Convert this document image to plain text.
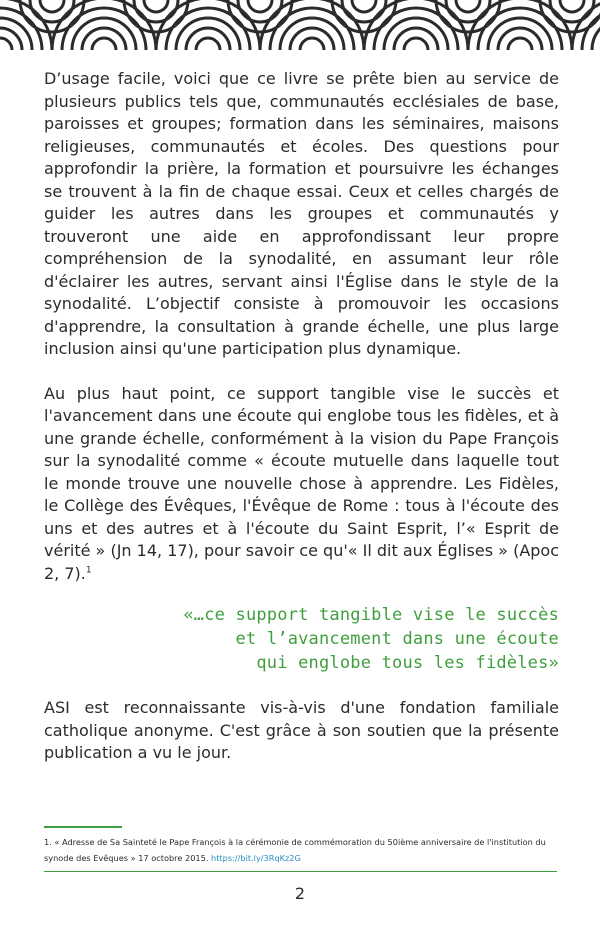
D’usage facile, voici que ce livre se prête bien au service de plusieurs publics tels que, communautés ecclésiales de base, paroisses et groupes; formation dans les séminaires, maisons religieuses, communautés et écoles. Des questions pour approfondir la prière, la formation et poursuivre les échanges se trouvent à la fin de chaque essai. Ceux et celles chargés de guider les autres dans les groupes et communautés y trouveront une aide en approfondissant leur propre compréhension de la synodalité, en assumant leur rôle d'éclairer les autres, servant ainsi l'Église dans le style de la synodalité. L’objectif consiste à promouvoir les occasions d'apprendre, la consultation à grande échelle, une plus large inclusion ainsi qu'une participation plus dynamique.

Au plus haut point, ce support tangible vise le succès et l'avancement dans une écoute qui englobe tous les fidèles, et à une grande échelle, conformément à la vision du Pape François sur la synodalité comme « écoute mutuelle dans laquelle tout le monde trouve une nouvelle chose à apprendre. Les Fidèles, le Collège des Évêques, l'Évêque de Rome : tous à l'écoute des uns et des autres et à l'écoute du Saint Esprit, l’« Esprit de vérité » (Jn 14, 17), pour savoir ce qu'« Il dit aux Églises » (Apoc 2, 7).$^1$

«…ce support tangible vise le succès
et l’avancement dans une écoute
qui englobe tous les fidèles»

ASI est reconnaissante vis-à-vis d'une fondation familiale catholique anonyme. C'est grâce à son soutien que la présente publication a vu le jour.

1. « Adresse de Sa Sainteté le Pape François à la cérémonie de commémoration du 50ième anniversaire de l'institution du synode des Evêques » 17 octobre 2015. https://bit.ly/3RqKz2G
2
